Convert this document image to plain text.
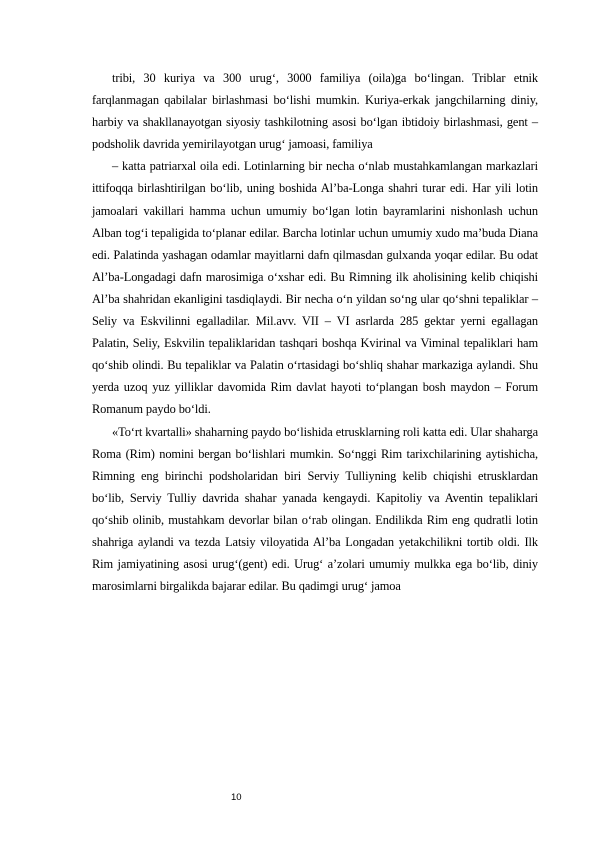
tribi, 30 kuriya va 300 urug‘, 3000 familiya (oila)ga bo‘lingan. Triblar etnik farqlanmagan qabilalar birlashmasi bo‘lishi mumkin. Kuriya-erkak jangchilarning diniy, harbiy va shakllanayotgan siyosiy tashkilotning asosi bo‘lgan ibtidoiy birlashmasi, gent – podsholik davrida yemirilayotgan urug‘ jamoasi, familiya

– katta patriarxal oila edi. Lotinlarning bir necha o‘nlab mustahkamlangan markazlari ittifoqqa birlashtirilgan bo‘lib, uning boshida Al’ba-Longa shahri turar edi. Har yili lotin jamoalari vakillari hamma uchun umumiy bo‘lgan lotin bayramlarini nishonlash uchun Alban tog‘i tepaligida to‘planar edilar. Barcha lotinlar uchun umumiy xudo ma’buda Diana edi. Palatinda yashagan odamlar mayitlarni dafn qilmasdan gulxanda yoqar edilar. Bu odat Al’ba-Longadagi dafn marosimiga o‘xshar edi. Bu Rimning ilk aholisining kelib chiqishi Al’ba shahridan ekanligini tasdiqlaydi. Bir necha o‘n yildan so‘ng ular qo‘shni tepaliklar – Seliy va Eskvilinni egalladilar. Mil.avv. VII – VI asrlarda 285 gektar yerni egallagan Palatin, Seliy, Eskvilin tepaliklaridan tashqari boshqa Kvirinal va Viminal tepaliklari ham qo‘shib olindi. Bu tepaliklar va Palatin o‘rtasidagi bo‘shliq shahar markaziga aylandi. Shu yerda uzoq yuz yilliklar davomida Rim davlat hayoti to‘plangan bosh maydon – Forum Romanum paydo bo‘ldi.

«To‘rt kvartalli» shaharning paydo bo‘lishida etrusklarning roli katta edi. Ular shaharga Roma (Rim) nomini bergan bo‘lishlari mumkin. So‘nggi Rim tarixchilarining aytishicha, Rimning eng birinchi podsholaridan biri Serviy Tulliyning kelib chiqishi etrusklardan bo‘lib, Serviy Tulliy davrida shahar yanada kengaydi. Kapitoliy va Aventin tepaliklari qo‘shib olinib, mustahkam devorlar bilan o‘rab olingan. Endilikda Rim eng qudratli lotin shahriga aylandi va tezda Latsiy viloyatida Al’ba Longadan yetakchilikni tortib oldi. Ilk Rim jamiyatining asosi urug‘(gent) edi. Urug‘ a’zolari umumiy mulkka ega bo‘lib, diniy marosimlarni birgalikda bajarar edilar. Bu qadimgi urug‘ jamoa

10
